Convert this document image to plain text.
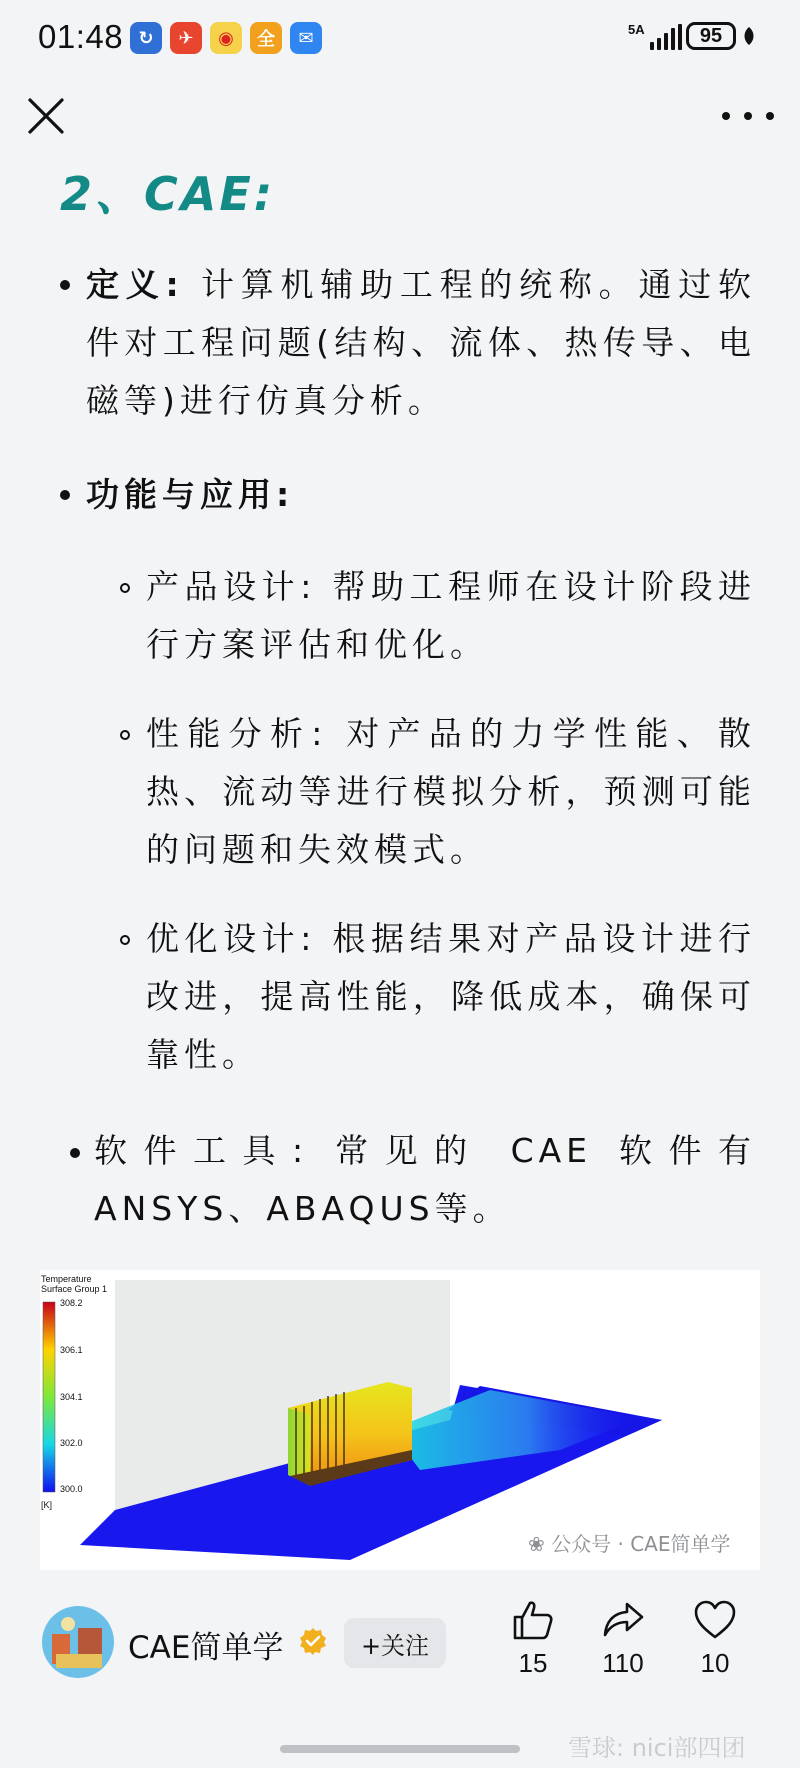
01:48 ↻	✈	◉	全	✉	5A	95
2、CAE:
定义: 计算机辅助工程的统称。通过软件对工程问题(结构、流体、热传导、电磁等)进行仿真分析。
功能与应用:
产品设计: 帮助工程师在设计阶段进行方案评估和优化。
性能分析: 对产品的力学性能、散热、流动等进行模拟分析，预测可能的问题和失效模式。
优化设计: 根据结果对产品设计进行改进，提高性能，降低成本，确保可靠性。
软件工具: 常见的 CAE 软件有ANSYS、ABAQUS等。
Temperature
Surface Group 1
308.2
306.1
304.1
302.0
300.0
[K]
❀ 公众号 · CAE简单学
CAE简单学	+关注
15	110	10
雪球: nici部四团
